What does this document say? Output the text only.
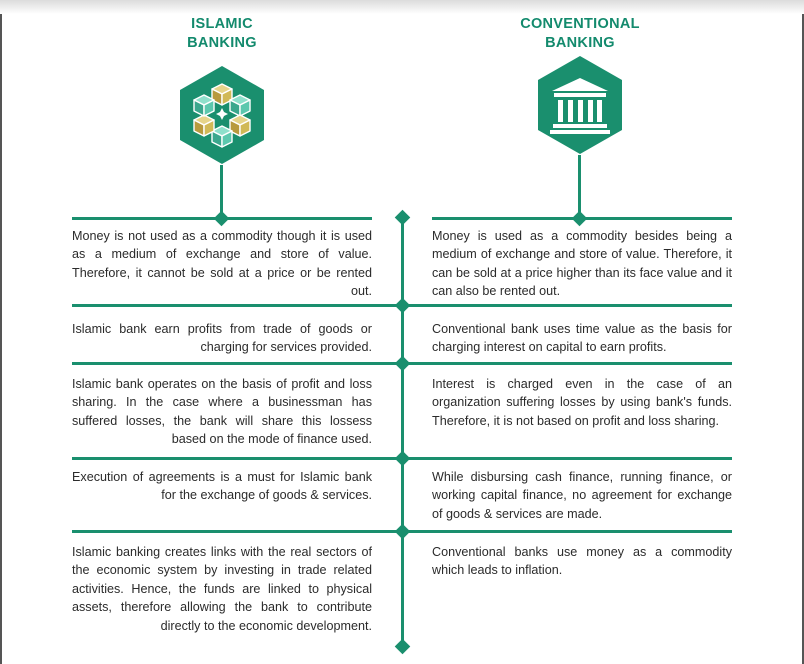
ISLAMIC
BANKING
CONVENTIONAL
BANKING
Money is not used as a commodity though it is used as a medium of exchange and store of value. Therefore, it cannot be sold at a price or be rented out.
Money is used as a commodity besides being a medium of exchange and store of value. Therefore, it can be sold at a price higher than its face value and it can also be rented out.
Islamic bank earn profits from trade of goods or charging for services provided.
Conventional bank uses time value as the basis for charging interest on capital to earn profits.
Islamic bank operates on the basis of profit and loss sharing. In the case where a businessman has suffered losses, the bank will share this lossess based on the mode of finance used.
Interest is charged even in the case of an organization suffering losses by using bank's funds. Therefore, it is not based on profit and loss sharing.
Execution of agreements is a must for Islamic bank for the exchange of goods & services.
While disbursing cash finance, running finance, or working capital finance, no agreement for exchange of goods & services are made.
Islamic banking creates links with the real sectors of the economic system by investing in trade related activities. Hence, the funds are linked to physical assets, therefore allowing the bank to contribute directly to the economic development.
Conventional banks use money as a commodity which leads to inflation.
